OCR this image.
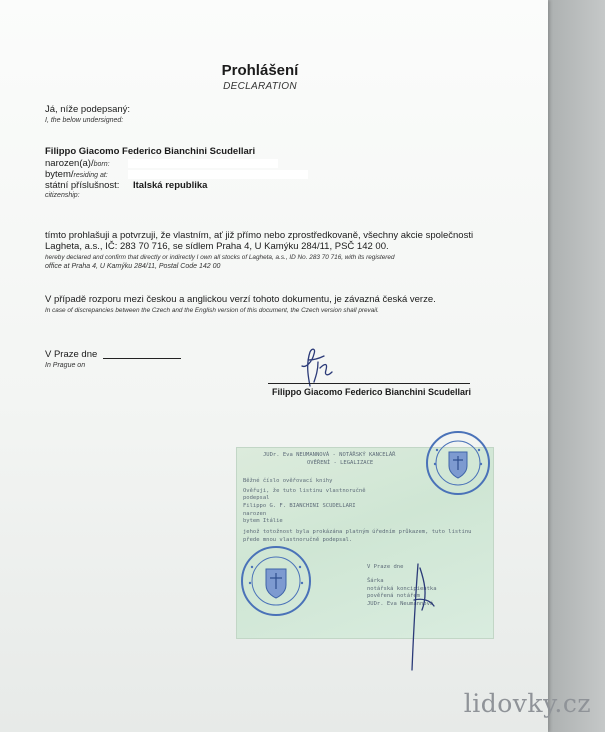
Prohlášení
DECLARATION
Já, níže podepsaný:
I, the below undersigned:
Filippo Giacomo Federico Bianchini Scudellari
narozen(a)/born:
bytem/residing at:
státní příslušnost: Italská republika
citizenship:
tímto prohlašuji a potvrzuji, že vlastním, ať již přímo nebo zprostředkovaně, všechny akcie společnosti
Lagheta, a.s., IČ: 283 70 716, se sídlem Praha 4, U Kamýku 284/11, PSČ 142 00.
hereby declared and confirm that directly or indirectly I own all stocks of Lagheta, a.s., ID No. 283 70 716, with its registered
office at Praha 4, U Kamýku 284/11, Postal Code 142 00
V případě rozporu mezi českou a anglickou verzí tohoto dokumentu, je závazná česká verze.
In case of discrepancies between the Czech and the English version of this document, the Czech version shall prevail.
V Praze dne
In Prague on
Filippo Giacomo Federico Bianchini Scudellari
JUDr. Eva NEUMANNOVÁ - NOTÁŘSKÝ KANCELÁŘ
OVĚŘENÍ - LEGALIZACE
Běžné číslo ověřovací knihy
Ověřuji, že tuto listinu vlastnoručně
podepsal
Filippo G. F. BIANCHINI SCUDELLARI
narozen
bytem Itálie
jehož totožnost byla prokázána platným úředním průkazem, tuto listinu
přede mnou vlastnoručně podepsal.
V Praze dne
Šárka
notářská koncipientka
pověřená notářem
JUDr. Eva Neumannová
lidovky.cz
